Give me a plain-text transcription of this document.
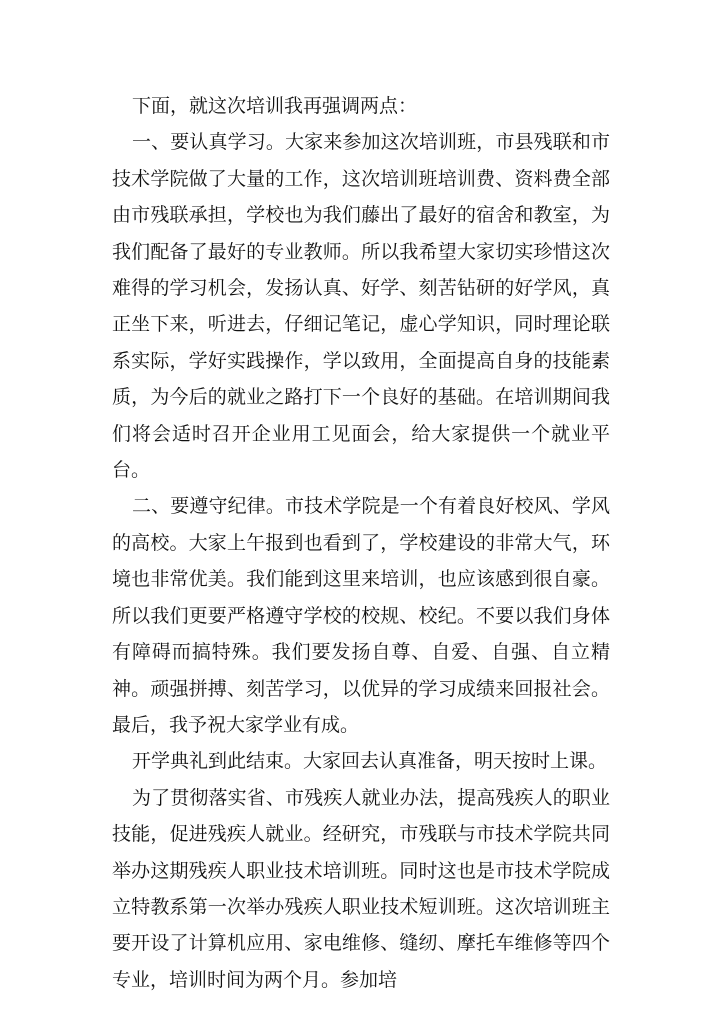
下面，就这次培训我再强调两点：

一、要认真学习。大家来参加这次培训班，市县残联和市技术学院做了大量的工作，这次培训班培训费、资料费全部由市残联承担，学校也为我们藤出了最好的宿舍和教室，为我们配备了最好的专业教师。所以我希望大家切实珍惜这次难得的学习机会，发扬认真、好学、刻苦钻研的好学风，真正坐下来，听进去，仔细记笔记，虚心学知识，同时理论联系实际，学好实践操作，学以致用，全面提高自身的技能素质，为今后的就业之路打下一个良好的基础。在培训期间我们将会适时召开企业用工见面会，给大家提供一个就业平台。

二、要遵守纪律。市技术学院是一个有着良好校风、学风的高校。大家上午报到也看到了，学校建设的非常大气，环境也非常优美。我们能到这里来培训，也应该感到很自豪。所以我们更要严格遵守学校的校规、校纪。不要以我们身体有障碍而搞特殊。我们要发扬自尊、自爱、自强、自立精神。顽强拼搏、刻苦学习，以优异的学习成绩来回报社会。最后，我予祝大家学业有成。

开学典礼到此结束。大家回去认真准备，明天按时上课。

为了贯彻落实省、市残疾人就业办法，提高残疾人的职业技能，促进残疾人就业。经研究，市残联与市技术学院共同举办这期残疾人职业技术培训班。同时这也是市技术学院成立特教系第一次举办残疾人职业技术短训班。这次培训班主要开设了计算机应用、家电维修、缝纫、摩托车维修等四个专业，培训时间为两个月。参加培
